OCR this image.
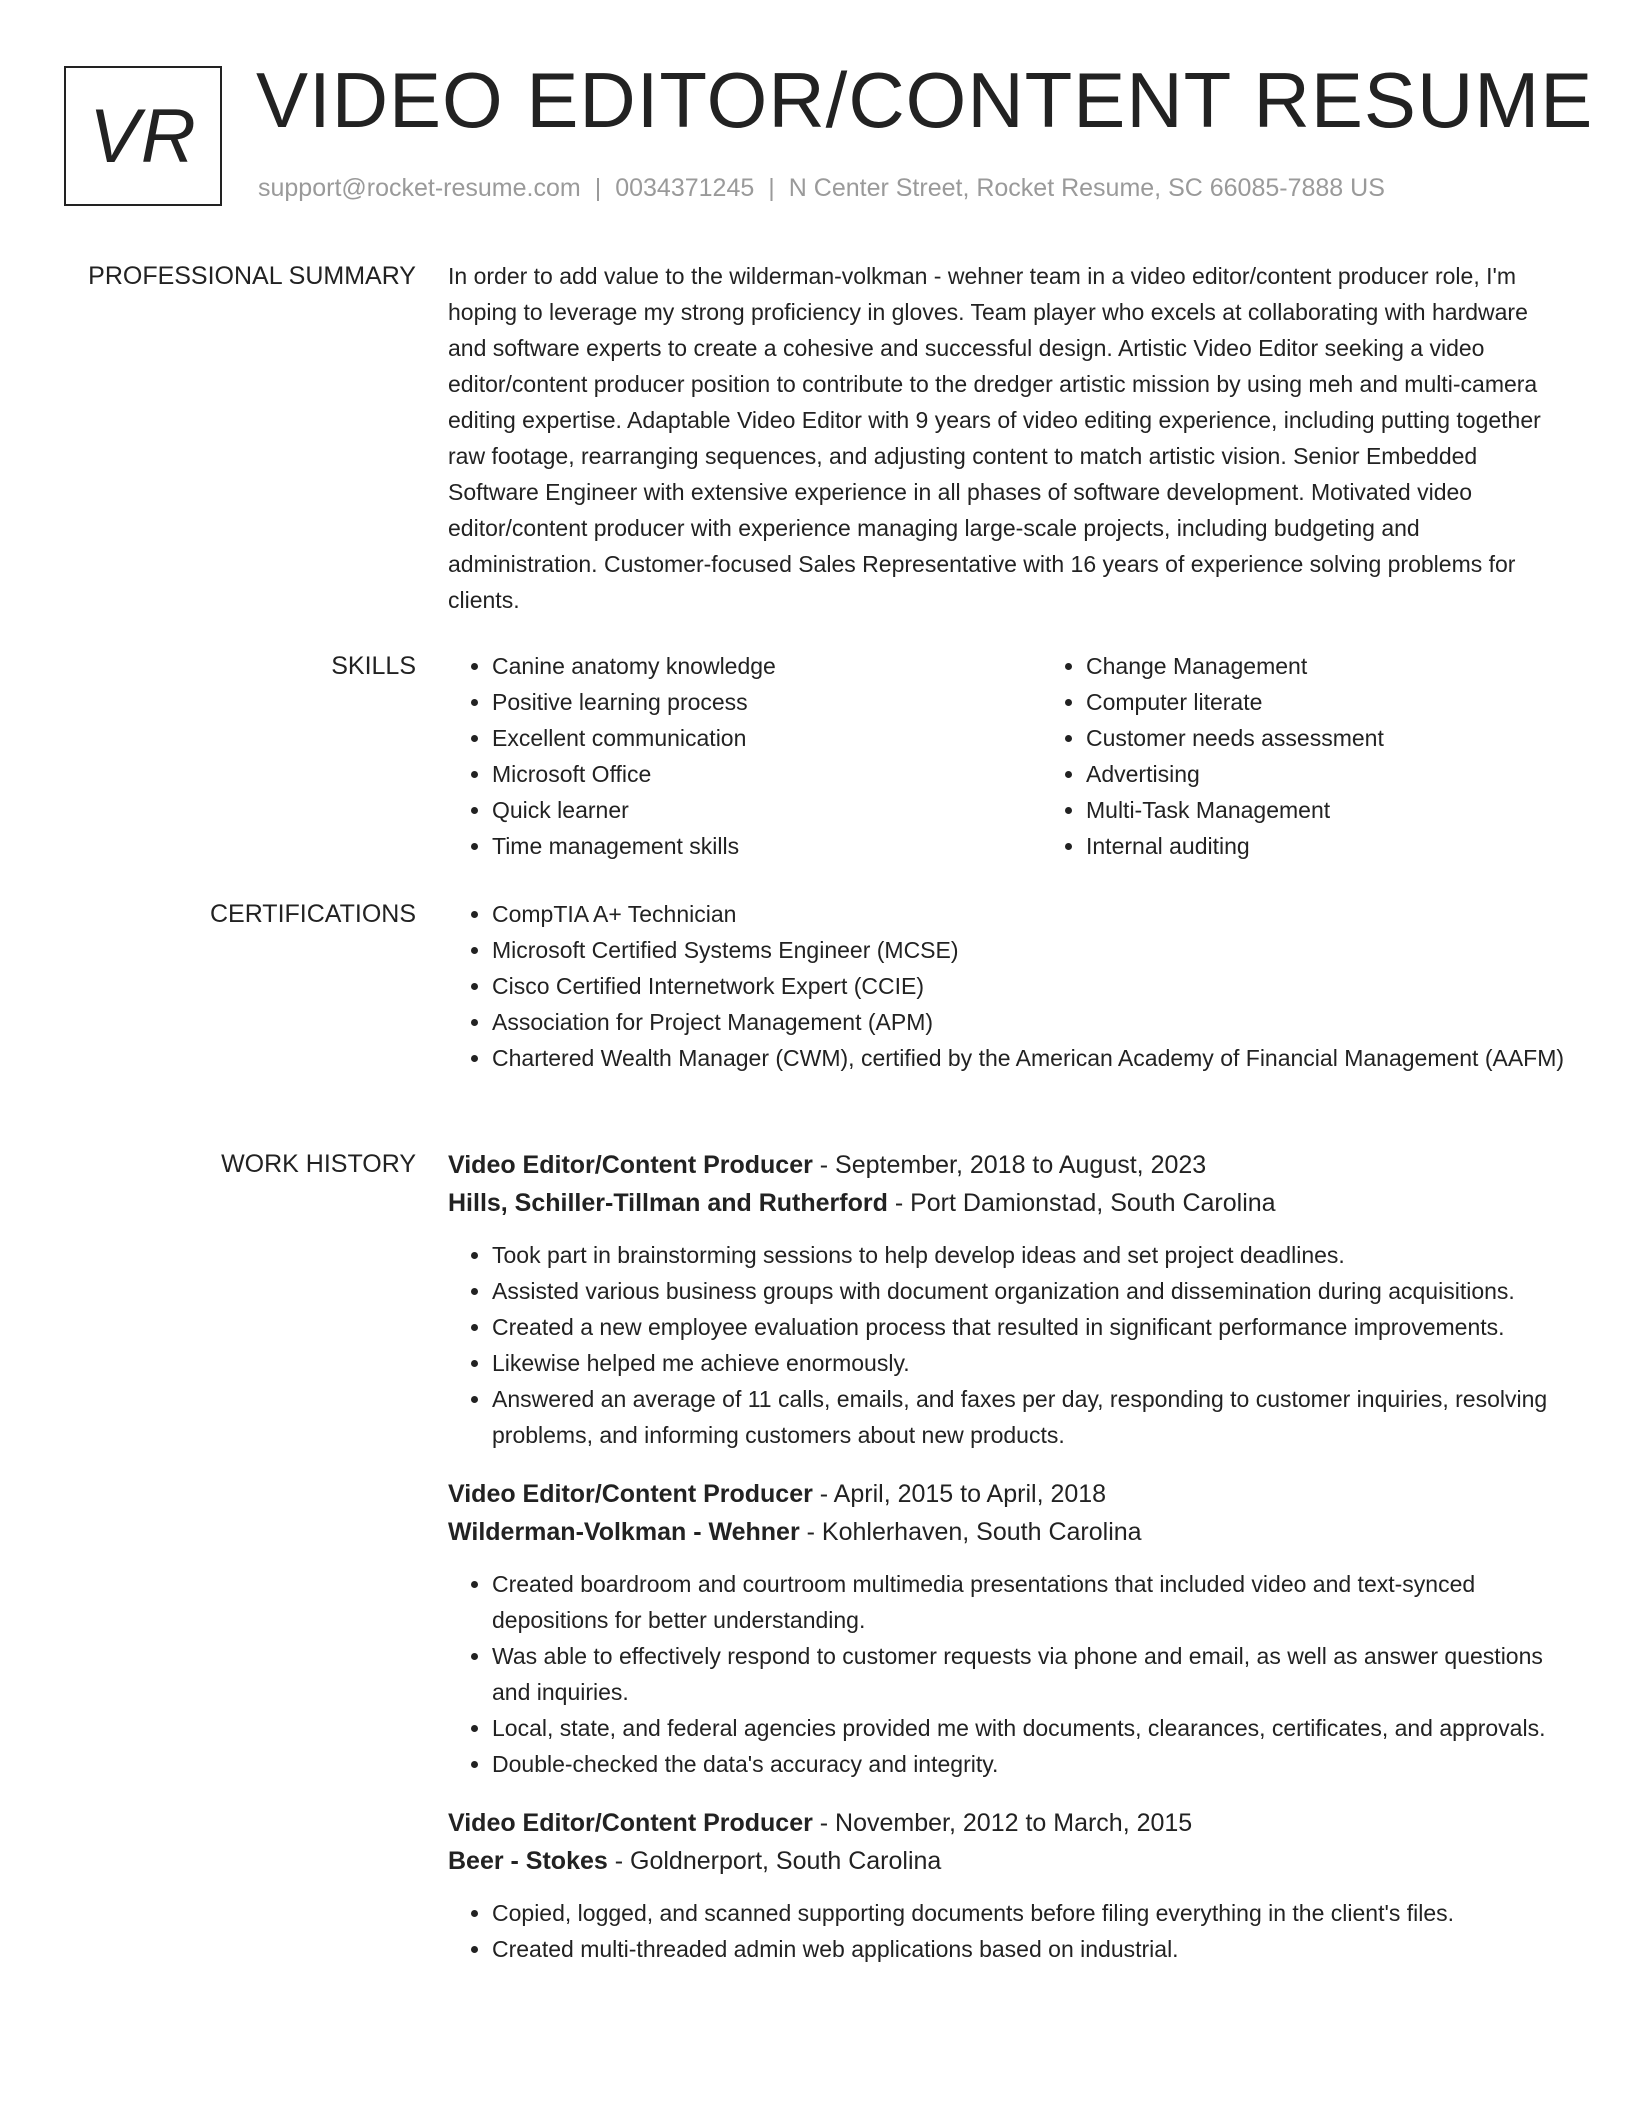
VR VIDEO EDITOR/CONTENT RESUME
support@rocket-resume.com | 0034371245 | N Center Street, Rocket Resume, SC 66085-7888 US
PROFESSIONAL SUMMARY In order to add value to the wilderman-volkman - wehner team in a video editor/content producer role, I'm hoping to leverage my strong proficiency in gloves. Team player who excels at collaborating with hardware and software experts to create a cohesive and successful design. Artistic Video Editor seeking a video editor/content producer position to contribute to the dredger artistic mission by using meh and multi-camera editing expertise. Adaptable Video Editor with 9 years of video editing experience, including putting together raw footage, rearranging sequences, and adjusting content to match artistic vision. Senior Embedded Software Engineer with extensive experience in all phases of software development. Motivated video editor/content producer with experience managing large-scale projects, including budgeting and administration. Customer-focused Sales Representative with 16 years of experience solving problems for clients.

SKILLS	• Canine anatomy knowledge
• Positive learning process
• Excellent communication
• Microsoft Office
• Quick learner
• Time management skills
• Change Management
• Computer literate
• Customer needs assessment
• Advertising
• Multi-Task Management
• Internal auditing
CERTIFICATIONS	• CompTIA A+ Technician
• Microsoft Certified Systems Engineer (MCSE)
• Cisco Certified Internetwork Expert (CCIE)
• Association for Project Management (APM)
• Chartered Wealth Manager (CWM), certified by the American Academy of Financial Management (AAFM)
WORK HISTORY Video Editor/Content Producer - September, 2018 to August, 2023
Hills, Schiller-Tillman and Rutherford - Port Damionstad, South Carolina
• Took part in brainstorming sessions to help develop ideas and set project deadlines.
• Assisted various business groups with document organization and dissemination during acquisitions.
• Created a new employee evaluation process that resulted in significant performance improvements.
• Likewise helped me achieve enormously.
• Answered an average of 11 calls, emails, and faxes per day, responding to customer inquiries, resolving problems, and informing customers about new products.
Video Editor/Content Producer - April, 2015 to April, 2018
Wilderman-Volkman - Wehner - Kohlerhaven, South Carolina
• Created boardroom and courtroom multimedia presentations that included video and text-synced depositions for better understanding.
• Was able to effectively respond to customer requests via phone and email, as well as answer questions and inquiries.
• Local, state, and federal agencies provided me with documents, clearances, certificates, and approvals.
• Double-checked the data's accuracy and integrity.
Video Editor/Content Producer - November, 2012 to March, 2015
Beer - Stokes - Goldnerport, South Carolina
• Copied, logged, and scanned supporting documents before filing everything in the client's files.
• Created multi-threaded admin web applications based on industrial.
